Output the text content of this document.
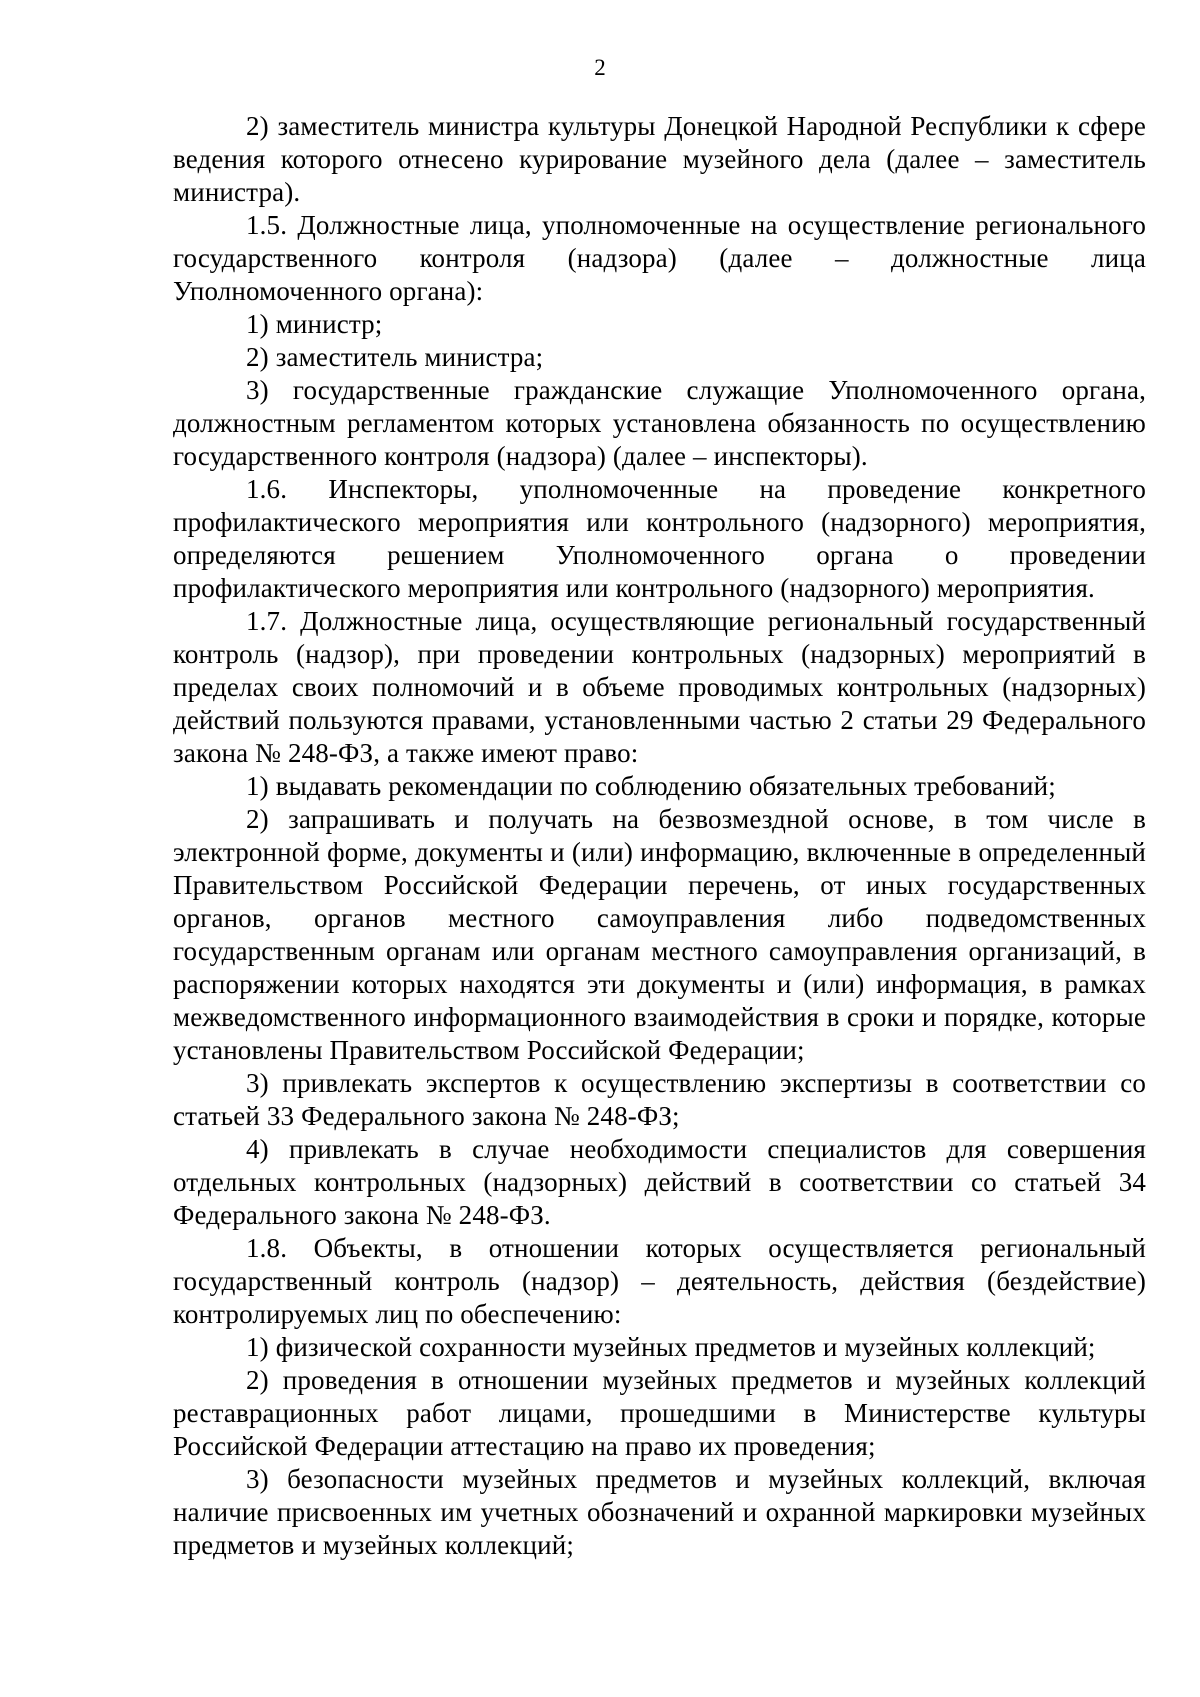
2

2) заместитель министра культуры Донецкой Народной Республики к сфере ведения которого отнесено курирование музейного дела (далее – заместитель министра).

1.5. Должностные лица, уполномоченные на осуществление регионального государственного контроля (надзора) (далее – должностные лица Уполномоченного органа):

1) министр;

2) заместитель министра;

3) государственные гражданские служащие Уполномоченного органа, должностным регламентом которых установлена обязанность по осуществлению государственного контроля (надзора) (далее – инспекторы).

1.6. Инспекторы, уполномоченные на проведение конкретного профилактического мероприятия или контрольного (надзорного) мероприятия, определяются решением Уполномоченного органа о проведении профилактического мероприятия или контрольного (надзорного) мероприятия.

1.7. Должностные лица, осуществляющие региональный государственный контроль (надзор), при проведении контрольных (надзорных) мероприятий в пределах своих полномочий и в объеме проводимых контрольных (надзорных) действий пользуются правами, установленными частью 2 статьи 29 Федерального закона № 248-ФЗ, а также имеют право:

1) выдавать рекомендации по соблюдению обязательных требований;

2) запрашивать и получать на безвозмездной основе, в том числе в электронной форме, документы и (или) информацию, включенные в определенный Правительством Российской Федерации перечень, от иных государственных органов, органов местного самоуправления либо подведомственных государственным органам или органам местного самоуправления организаций, в распоряжении которых находятся эти документы и (или) информация, в рамках межведомственного информационного взаимодействия в сроки и порядке, которые установлены Правительством Российской Федерации;

3) привлекать экспертов к осуществлению экспертизы в соответствии со статьей 33 Федерального закона № 248-ФЗ;

4) привлекать в случае необходимости специалистов для совершения отдельных контрольных (надзорных) действий в соответствии со статьей 34 Федерального закона № 248-ФЗ.

1.8. Объекты, в отношении которых осуществляется региональный государственный контроль (надзор) – деятельность, действия (бездействие) контролируемых лиц по обеспечению:

1) физической сохранности музейных предметов и музейных коллекций;

2) проведения в отношении музейных предметов и музейных коллекций реставрационных работ лицами, прошедшими в Министерстве культуры Российской Федерации аттестацию на право их проведения;

3) безопасности музейных предметов и музейных коллекций, включая наличие присвоенных им учетных обозначений и охранной маркировки музейных предметов и музейных коллекций;
